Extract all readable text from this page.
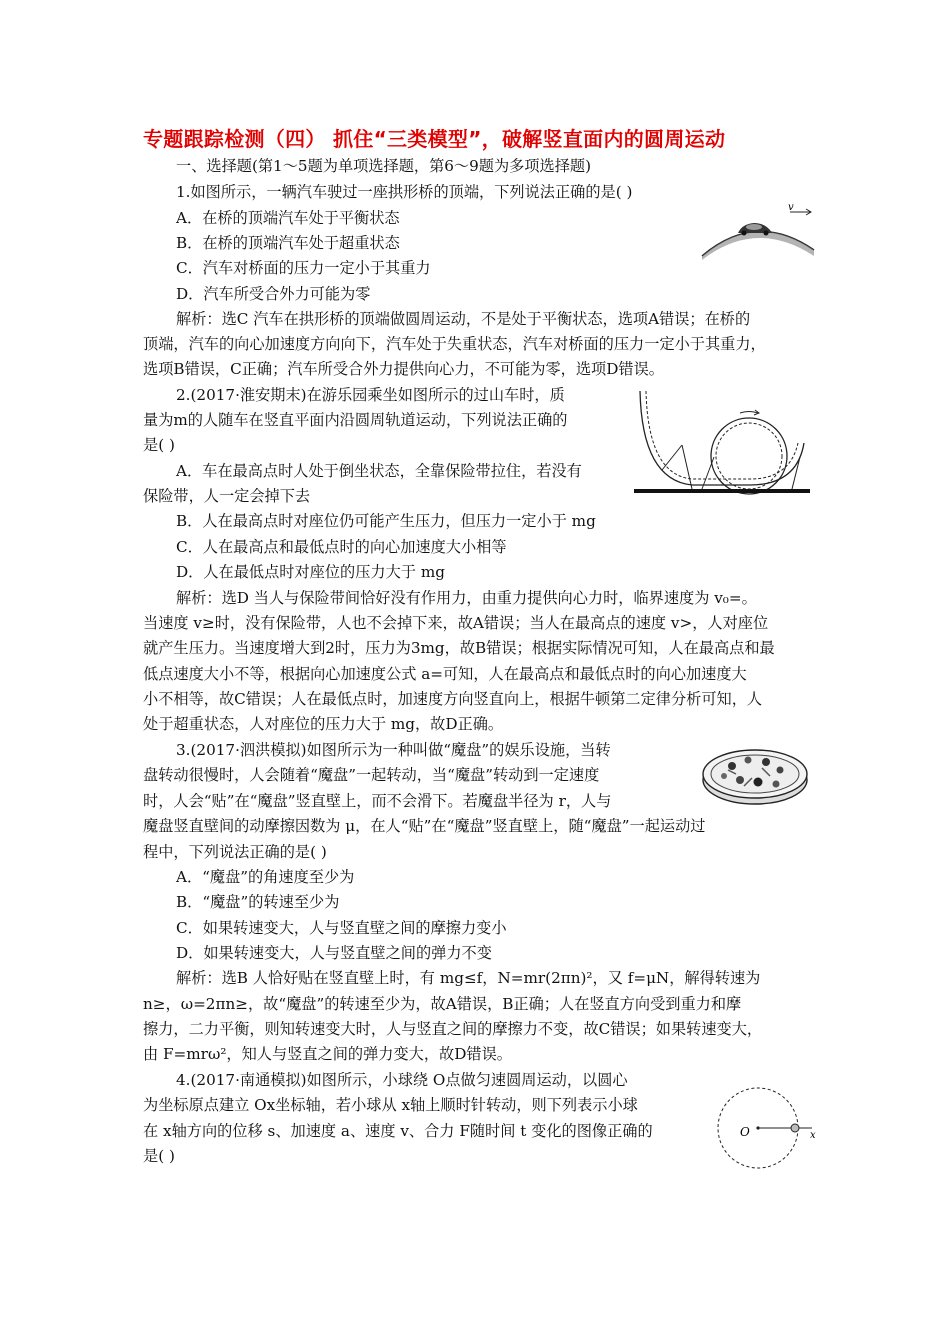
专题跟踪检测（四） 抓住“三类模型”，破解竖直面内的圆周运动
一、选择题(第1～5题为单项选择题，第6～9题为多项选择题)
1.如图所示，一辆汽车驶过一座拱形桥的顶端，下列说法正确的是( )
A．在桥的顶端汽车处于平衡状态
B．在桥的顶端汽车处于超重状态
C．汽车对桥面的压力一定小于其重力
D．汽车所受合外力可能为零
解析：选C 汽车在拱形桥的顶端做圆周运动，不是处于平衡状态，选项A错误；在桥的
顶端，汽车的向心加速度方向向下，汽车处于失重状态，汽车对桥面的压力一定小于其重力，
选项B错误，C正确；汽车所受合外力提供向心力，不可能为零，选项D错误。
v
2.(2017·淮安期末)在游乐园乘坐如图所示的过山车时，质
量为m的人随车在竖直平面内沿圆周轨道运动，下列说法正确的
是( )
A．车在最高点时人处于倒坐状态，全靠保险带拉住，若没有
保险带，人一定会掉下去
B．人在最高点时对座位仍可能产生压力，但压力一定小于 mg
C．人在最高点和最低点时的向心加速度大小相等
D．人在最低点时对座位的压力大于 mg
解析：选D 当人与保险带间恰好没有作用力，由重力提供向心力时，临界速度为 v₀=。
当速度 v≥时，没有保险带，人也不会掉下来，故A错误；当人在最高点的速度 v>，人对座位
就产生压力。当速度增大到2时，压力为3mg，故B错误；根据实际情况可知，人在最高点和最
低点速度大小不等，根据向心加速度公式 a=可知，人在最高点和最低点时的向心加速度大
小不相等，故C错误；人在最低点时，加速度方向竖直向上，根据牛顿第二定律分析可知，人
处于超重状态，人对座位的压力大于 mg，故D正确。
3.(2017·泗洪模拟)如图所示为一种叫做“魔盘”的娱乐设施，当转
盘转动很慢时，人会随着“魔盘”一起转动，当“魔盘”转动到一定速度
时，人会“贴”在“魔盘”竖直壁上，而不会滑下。若魔盘半径为 r，人与
魔盘竖直壁间的动摩擦因数为 μ，在人“贴”在“魔盘”竖直壁上，随“魔盘”一起运动过
程中，下列说法正确的是( )
A．“魔盘”的角速度至少为
B．“魔盘”的转速至少为
C．如果转速变大，人与竖直壁之间的摩擦力变小
D．如果转速变大，人与竖直壁之间的弹力不变
解析：选B 人恰好贴在竖直壁上时，有 mg≤f，N=mr(2πn)²，又 f=μN，解得转速为
n≥，ω=2πn≥，故“魔盘”的转速至少为，故A错误，B正确；人在竖直方向受到重力和摩
擦力，二力平衡，则知转速变大时，人与竖直之间的摩擦力不变，故C错误；如果转速变大，
由 F=mrω²，知人与竖直之间的弹力变大，故D错误。
4.(2017·南通模拟)如图所示，小球绕 O点做匀速圆周运动，以圆心
为坐标原点建立 Ox坐标轴，若小球从 x轴上顺时针转动，则下列表示小球
在 x轴方向的位移 s、加速度 a、速度 v、合力 F随时间 t 变化的图像正确的
是( )
O	x
